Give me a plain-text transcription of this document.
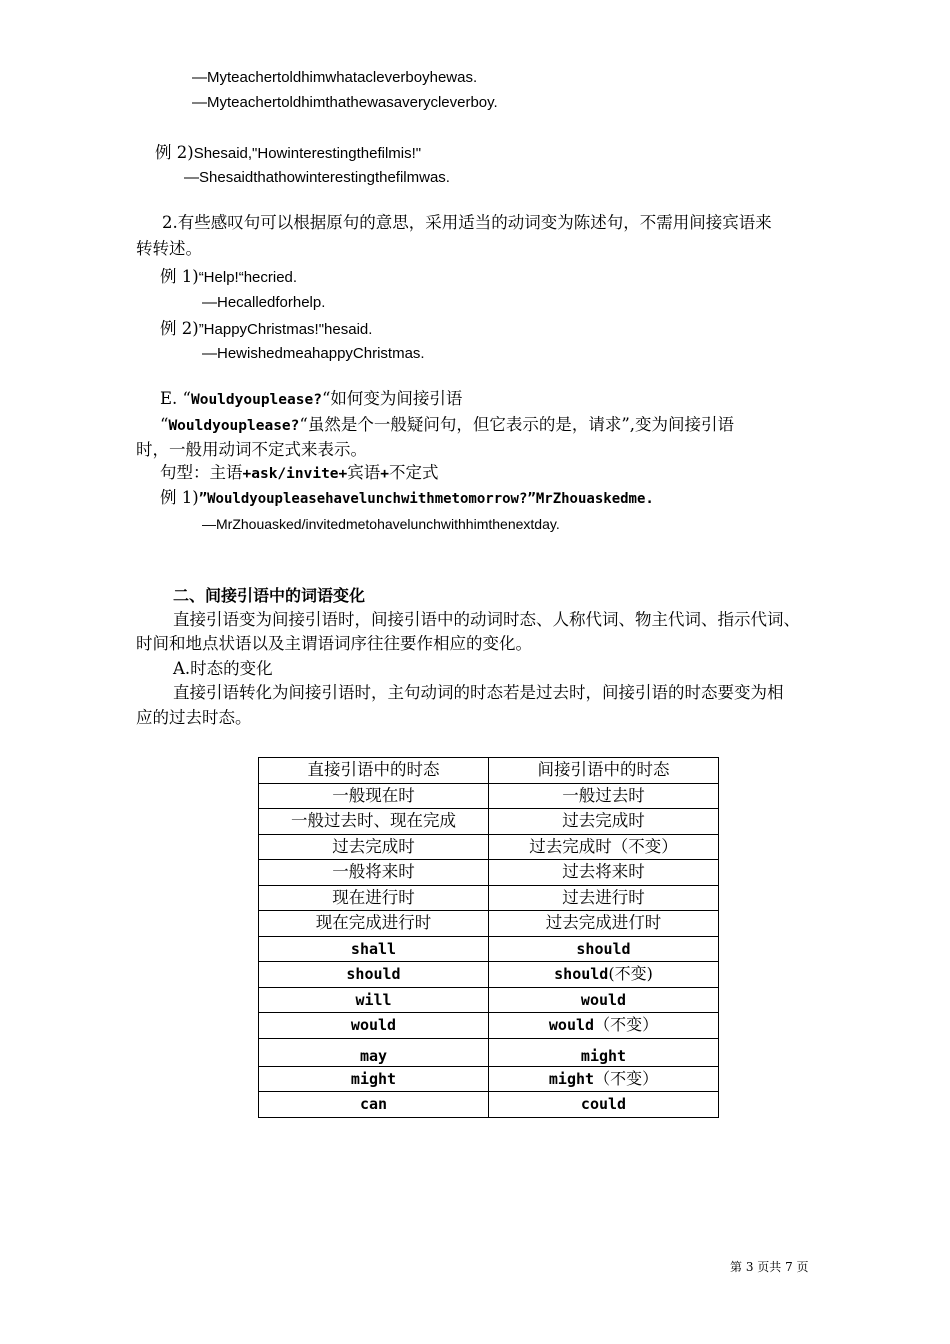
—Myteachertoldhimwhatacleverboyhewas.
—Myteachertoldhimthathewasaverycleverboy.
例 2)Shesaid,"Howinterestingthefilmis!"
—Shesaidthathowinterestingthefilmwas.
2.有些感叹句可以根据原句的意思，采用适当的动词变为陈述句，不需用间接宾语来
转转述。
例 1)“Help!“hecried.
—Hecalledforhelp.
例 2)”HappyChristmas!"hesaid.
—HewishedmeahappyChristmas.
E. “Wouldyouplease?“如何变为间接引语
“Wouldyouplease?“虽然是个一般疑问句，但它表示的是，请求”,变为间接引语
时，一般用动词不定式来表示。
句型：主语+ask/invite+宾语+不定式
例 1)”Wouldyoupleasehavelunchwithmetomorrow?”MrZhouaskedme.
—MrZhouasked/invitedmetohavelunchwithhimthenextday.
二、间接引语中的词语变化
直接引语变为间接引语时，间接引语中的动词时态、人称代词、物主代词、指示代词、
时间和地点状语以及主谓语词序往往要作相应的变化。
A.时态的变化
直接引语转化为间接引语时，主句动词的时态若是过去时，间接引语的时态要变为相
应的过去时态。
直接引语中的时态	间接引语中的时态
一般现在时	一般过去时
一般过去时、现在完成	过去完成时
过去完成时	过去完成时（不变）
一般将来时	过去将来时
现在进行时	过去进行时
现在完成进行时	过去完成进仃时
shall	should
should	should(不变)
will	would
would	would（不变）
may	might
might	might（不变）
can	could
第 3 页共 7 页
